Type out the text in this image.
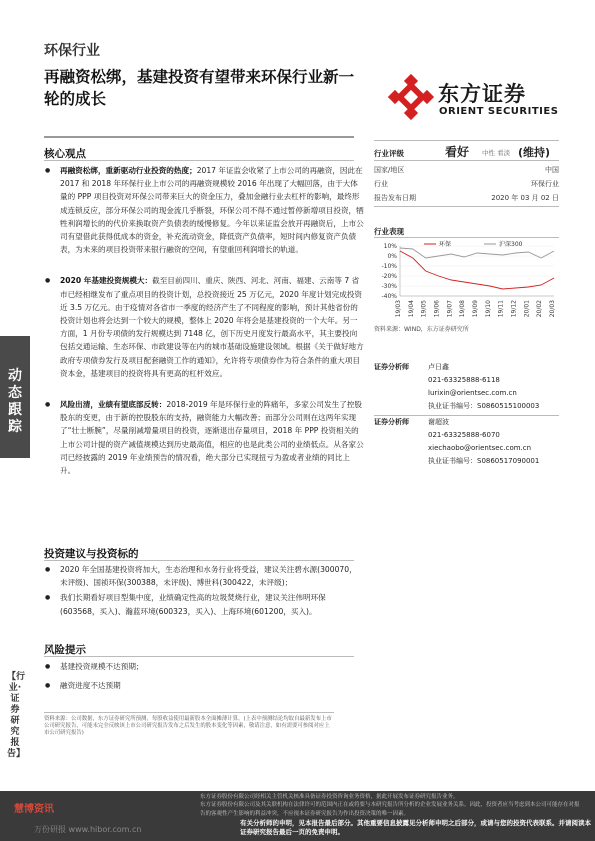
环保行业
再融资松绑，基建投资有望带来环保行业新一轮的成长	东方证券
ORIENT SECURITIES
核心观点
● 再融资松绑，重新驱动行业投资的热度；2017 年证监会收紧了上市公司的再融资，因此在 2017 和 2018 年环保行业上市公司的再融资规模较 2016 年出现了大幅回落，由于大体量的 PPP 项目投资对环保公司带来巨大的资金压力，叠加金融行业去杠杆的影响，最终形成连锁反应，部分环保公司的现金流几乎断裂，环保公司不得不通过暂停新增项目投资，牺牲利润增长的的代价来换取资产负债表的缓慢修复。今年以来证监会放开再融资后，上市公司有望借此获得低成本的资金，补充流动资金，降低资产负债率，短时间内修复资产负债表，为未来的项目投资带来银行融资的空间，有望重回利润增长的轨道。
● 2020 年基建投资规模大：截至目前四川、重庆、陕西、河北、河南、福建、云南等 7 省市已经相继发布了重点项目的投资计划，总投资接近 25 万亿元，2020 年度计划完成投资近 3.5 万亿元。由于疫情对各省市一季度的经济产生了不同程度的影响，预计其他省份的投资计划也将会达到一个较大的规模，整体上 2020 年将会是基建投资的一个大年。另一方面，1 月份专项债的发行规模达到 7148 亿，创下历史月度发行最高水平，其主要投向包括交通运输、生态环保、市政建设等在内的城市基础设施建设领域。根据《关于做好地方政府专项债券发行及项目配套融资工作的通知》，允许将专项债券作为符合条件的重大项目资本金，基建项目的投资将具有更高的杠杆效应。
● 风险出清，业绩有望底部反转：2018-2019 年是环保行业的阵痛年，多家公司发生了控股股东的变更，由于新的控股股东的支持，融资能力大幅改善；而部分公司则在这两年实现了“壮士断腕”，尽量削减增量项目的投资，逐渐退出存量项目，2018 年 PPP 投资相关的上市公司计提的资产减值规模达到历史最高值，相应的也是此类公司的业绩低点。从各家公司已经披露的 2019 年业绩预告的情况看，绝大部分已实现扭亏为盈或者业绩的同比上升。
投资建议与投资标的
● 2020 年全国基建投资将加大，生态治理和水务行业将受益，建议关注碧水源(300070，未评级)、国祯环保(300388，未评级)、博世科(300422，未评级)；
● 我们长期看好项目型集中度，业绩确定性高的垃圾焚烧行业，建议关注伟明环保(603568，买入)、瀚蓝环境(600323，买入)、上海环境(601200，买入)。
风险提示
● 基建投资规模不达预期；
● 融资进度不达预期
行业评级	看好 中性 看淡 (维持)
国家/地区	中国
行业	环保行业
报告发布日期	2020 年 03 月 02 日
行业表现
10%
0%
-10%
-20%
-30%
-40%
19/03 19/04 19/05 19/06 19/07 19/08 19/09 19/10 19/11 19/12 20/01 20/02 20/03
环保	沪深300
资料来源：WIND，东方证券研究所
证券分析师	卢日鑫
021-63325888-6118
lurixin@orientsec.com.cn
执业证书编号：S0860515100003
证券分析师	谢超波
021-63325888-6070
xiechaobo@orientsec.com.cn
执业证书编号：S0860517090001
动态跟踪
【行业·证券研究报告】
资料来源：公司数据，东方证券研究所预测，每股收益使用最新股本全面摊薄计算。(上表中预测结论均取自最新发布上市公司研究报告，可能未完全反映该上市公司研究报告发布之后发生的股本变化等因素，敬请注意，如有需要可参阅对应上市公司研究报告)
慧博资讯
万份研报 www.hibor.com.cn
东方证券股份有限公司经相关主管机关核准具备证券投资咨询业务资格，据此开展发布证券研究报告业务。
东方证券股份有限公司及其关联机构在法律许可的范围内正在或将要与本研究报告所分析的企业发展业务关系。因此，投资者应当考虑到本公司可能存在对报告的客观性产生影响的利益冲突，不应视本证券研究报告为作出投资决策的唯一因素。
有关分析师的申明，见本报告最后部分。其他重要信息披露见分析师申明之后部分，或请与您的投资代表联系。并请阅读本证券研究报告最后一页的免责申明。
